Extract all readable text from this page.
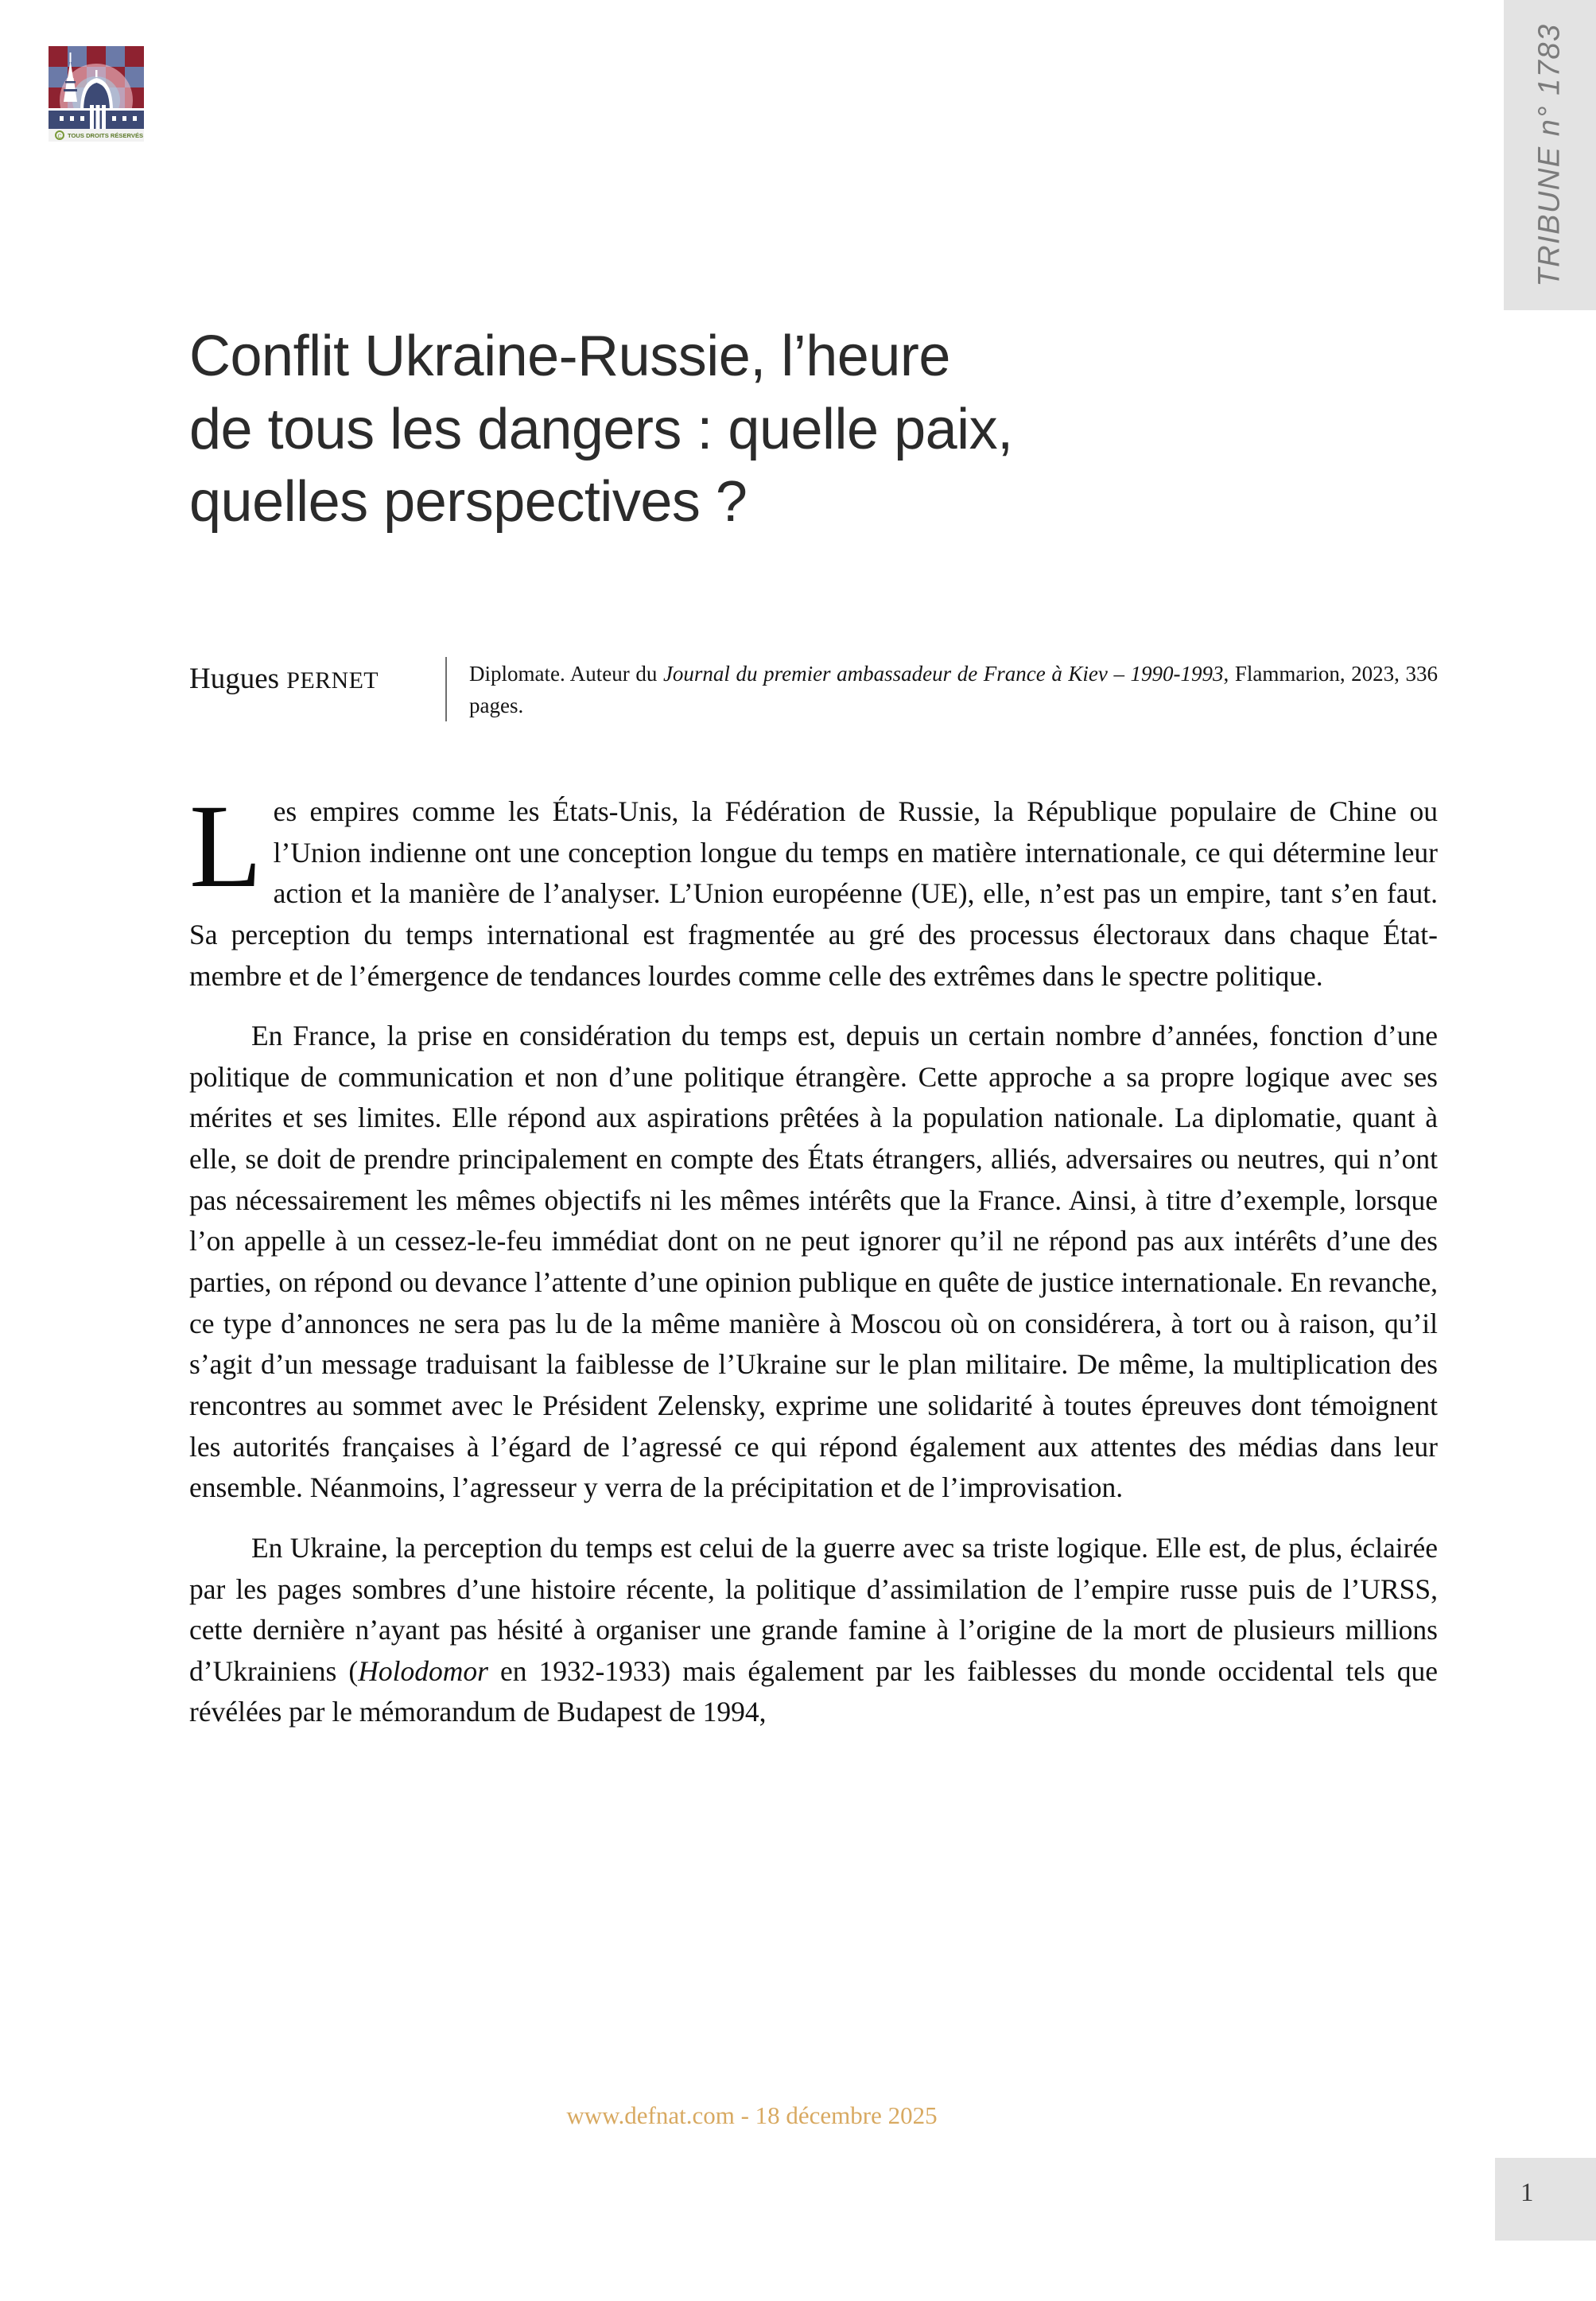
C TOUS DROITS RÉSERVÉS	TRIBUNE n° 1783
Conflit Ukraine-Russie, l’heure
de tous les dangers : quelle paix,
quelles perspectives ?
Hugues PERNET	Diplomate. Auteur du Journal du premier ambassadeur de France à Kiev – 1990-1993, Flammarion, 2023, 336 pages.

Les empires comme les États-Unis, la Fédération de Russie, la République populaire de Chine ou l’Union indienne ont une conception longue du temps en matière internationale, ce qui détermine leur action et la manière de l’analyser. L’Union européenne (UE), elle, n’est pas un empire, tant s’en faut. Sa perception du temps international est fragmentée au gré des processus électoraux dans chaque État-membre et de l’émergence de tendances lourdes comme celle des extrêmes dans le spectre politique.

En France, la prise en considération du temps est, depuis un certain nombre d’années, fonction d’une politique de communication et non d’une politique étrangère. Cette approche a sa propre logique avec ses mérites et ses limites. Elle répond aux aspirations prêtées à la population nationale. La diplomatie, quant à elle, se doit de prendre principalement en compte des États étrangers, alliés, adversaires ou neutres, qui n’ont pas nécessairement les mêmes objectifs ni les mêmes intérêts que la France. Ainsi, à titre d’exemple, lorsque l’on appelle à un cessez-le-feu immédiat dont on ne peut ignorer qu’il ne répond pas aux intérêts d’une des parties, on répond ou devance l’attente d’une opinion publique en quête de justice internationale. En revanche, ce type d’annonces ne sera pas lu de la même manière à Moscou où on considérera, à tort ou à raison, qu’il s’agit d’un message traduisant la faiblesse de l’Ukraine sur le plan militaire. De même, la multiplication des rencontres au sommet avec le Président Zelensky, exprime une solidarité à toutes épreuves dont témoignent les autorités françaises à l’égard de l’agressé ce qui répond également aux attentes des médias dans leur ensemble. Néanmoins, l’agresseur y verra de la précipitation et de l’improvisation.

En Ukraine, la perception du temps est celui de la guerre avec sa triste logique. Elle est, de plus, éclairée par les pages sombres d’une histoire récente, la politique d’assimilation de l’empire russe puis de l’URSS, cette dernière n’ayant pas hésité à organiser une grande famine à l’origine de la mort de plusieurs millions d’Ukrainiens (Holodomor en 1932-1933) mais également par les faiblesses du monde occidental tels que révélées par le mémorandum de Budapest de 1994,

www.defnat.com - 18 décembre 2025
1
